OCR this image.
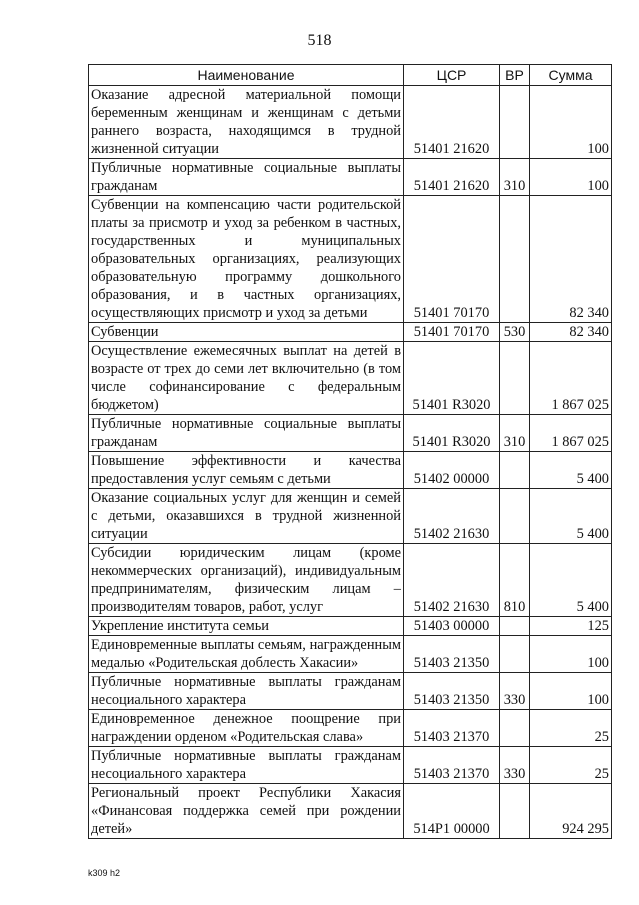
518
Наименование	ЦСР	ВР	Сумма
Оказание адресной материальной помощи беременным женщинам и женщинам с детьми раннего возраста, находящимся в трудной жизненной ситуации	51401 21620		100
Публичные нормативные социальные выплаты гражданам	51401 21620	310	100
Субвенции на компенсацию части родительской платы за присмотр и уход за ребенком в частных, государственных и муниципальных образовательных организациях, реализующих образовательную программу дошкольного образования, и в частных организациях, осуществляющих присмотр и уход за детьми	51401 70170		82 340
Субвенции	51401 70170	530	82 340
Осуществление ежемесячных выплат на детей в возрасте от трех до семи лет включительно (в том числе софинансирование с федеральным бюджетом)	51401 R3020		1 867 025
Публичные нормативные социальные выплаты гражданам	51401 R3020	310	1 867 025
Повышение эффективности и качества предоставления услуг семьям с детьми	51402 00000		5 400
Оказание социальных услуг для женщин и семей с детьми, оказавшихся в трудной жизненной ситуации	51402 21630		5 400
Субсидии юридическим лицам (кроме некоммерческих организаций), индивидуальным предпринимателям, физическим лицам – производителям товаров, работ, услуг	51402 21630	810	5 400
Укрепление института семьи	51403 00000		125
Единовременные выплаты семьям, награжденным медалью «Родительская доблесть Хакасии»	51403 21350		100
Публичные нормативные выплаты гражданам несоциального характера	51403 21350	330	100
Единовременное денежное поощрение при награждении орденом «Родительская слава»	51403 21370		25
Публичные нормативные выплаты гражданам несоциального характера	51403 21370	330	25
Региональный проект Республики Хакасия «Финансовая поддержка семей при рождении детей»	514P1 00000		924 295
k309 h2
